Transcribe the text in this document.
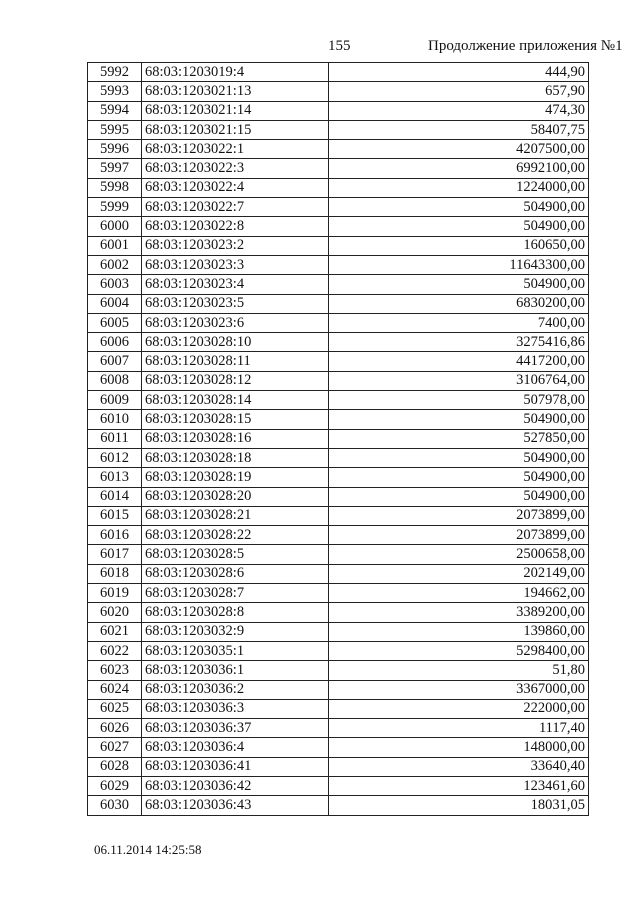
155	Продолжение приложения №1
5992	68:03:1203019:4	444,90
5993	68:03:1203021:13	657,90
5994	68:03:1203021:14	474,30
5995	68:03:1203021:15	58407,75
5996	68:03:1203022:1	4207500,00
5997	68:03:1203022:3	6992100,00
5998	68:03:1203022:4	1224000,00
5999	68:03:1203022:7	504900,00
6000	68:03:1203022:8	504900,00
6001	68:03:1203023:2	160650,00
6002	68:03:1203023:3	11643300,00
6003	68:03:1203023:4	504900,00
6004	68:03:1203023:5	6830200,00
6005	68:03:1203023:6	7400,00
6006	68:03:1203028:10	3275416,86
6007	68:03:1203028:11	4417200,00
6008	68:03:1203028:12	3106764,00
6009	68:03:1203028:14	507978,00
6010	68:03:1203028:15	504900,00
6011	68:03:1203028:16	527850,00
6012	68:03:1203028:18	504900,00
6013	68:03:1203028:19	504900,00
6014	68:03:1203028:20	504900,00
6015	68:03:1203028:21	2073899,00
6016	68:03:1203028:22	2073899,00
6017	68:03:1203028:5	2500658,00
6018	68:03:1203028:6	202149,00
6019	68:03:1203028:7	194662,00
6020	68:03:1203028:8	3389200,00
6021	68:03:1203032:9	139860,00
6022	68:03:1203035:1	5298400,00
6023	68:03:1203036:1	51,80
6024	68:03:1203036:2	3367000,00
6025	68:03:1203036:3	222000,00
6026	68:03:1203036:37	1117,40
6027	68:03:1203036:4	148000,00
6028	68:03:1203036:41	33640,40
6029	68:03:1203036:42	123461,60
6030	68:03:1203036:43	18031,05
06.11.2014 14:25:58
